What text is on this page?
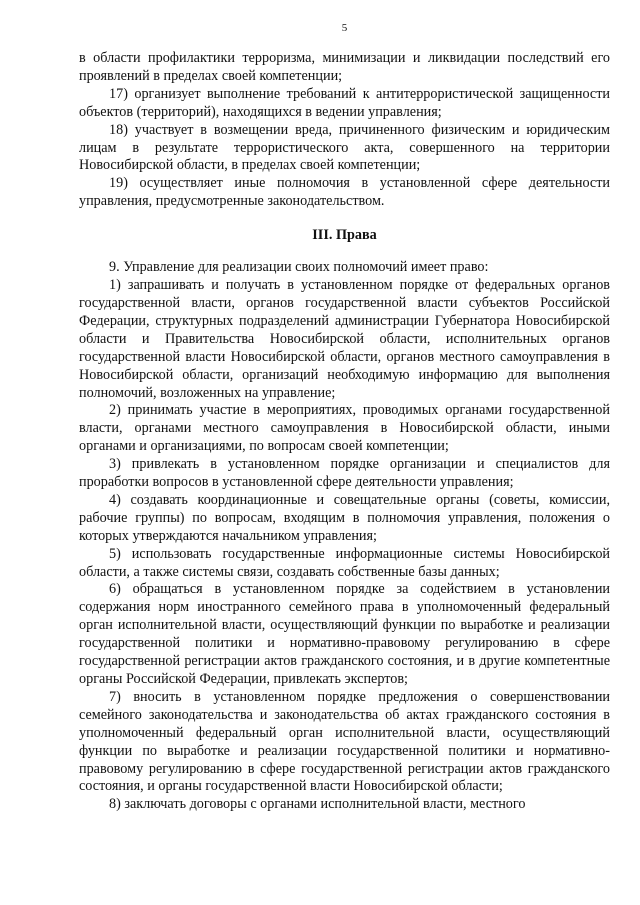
5

в области профилактики терроризма, минимизации и ликвидации последствий его проявлений в пределах своей компетенции;

17) организует выполнение требований к антитеррористической защищенности объектов (территорий), находящихся в ведении управления;

18) участвует в возмещении вреда, причиненного физическим и юридическим лицам в результате террористического акта, совершенного на территории Новосибирской области, в пределах своей компетенции;

19) осуществляет иные полномочия в установленной сфере деятельности управления, предусмотренные законодательством.

III. Права

9. Управление для реализации своих полномочий имеет право:

1) запрашивать и получать в установленном порядке от федеральных органов государственной власти, органов государственной власти субъектов Российской Федерации, структурных подразделений администрации Губернатора Новосибирской области и Правительства Новосибирской области, исполнительных органов государственной власти Новосибирской области, органов местного самоуправления в Новосибирской области, организаций необходимую информацию для выполнения полномочий, возложенных на управление;

2) принимать участие в мероприятиях, проводимых органами государственной власти, органами местного самоуправления в Новосибирской области, иными органами и организациями, по вопросам своей компетенции;

3) привлекать в установленном порядке организации и специалистов для проработки вопросов в установленной сфере деятельности управления;

4) создавать координационные и совещательные органы (советы, комиссии, рабочие группы) по вопросам, входящим в полномочия управления, положения о которых утверждаются начальником управления;

5) использовать государственные информационные системы Новосибирской области, а также системы связи, создавать собственные базы данных;

6) обращаться в установленном порядке за содействием в установлении содержания норм иностранного семейного права в уполномоченный федеральный орган исполнительной власти, осуществляющий функции по выработке и реализации государственной политики и нормативно-правовому регулированию в сфере государственной регистрации актов гражданского состояния, и в другие компетентные органы Российской Федерации, привлекать экспертов;

7) вносить в установленном порядке предложения о совершенствовании семейного законодательства и законодательства об актах гражданского состояния в уполномоченный федеральный орган исполнительной власти, осуществляющий функции по выработке и реализации государственной политики и нормативно-правовому регулированию в сфере государственной регистрации актов гражданского состояния, и органы государственной власти Новосибирской области;

8) заключать договоры с органами исполнительной власти, местного
